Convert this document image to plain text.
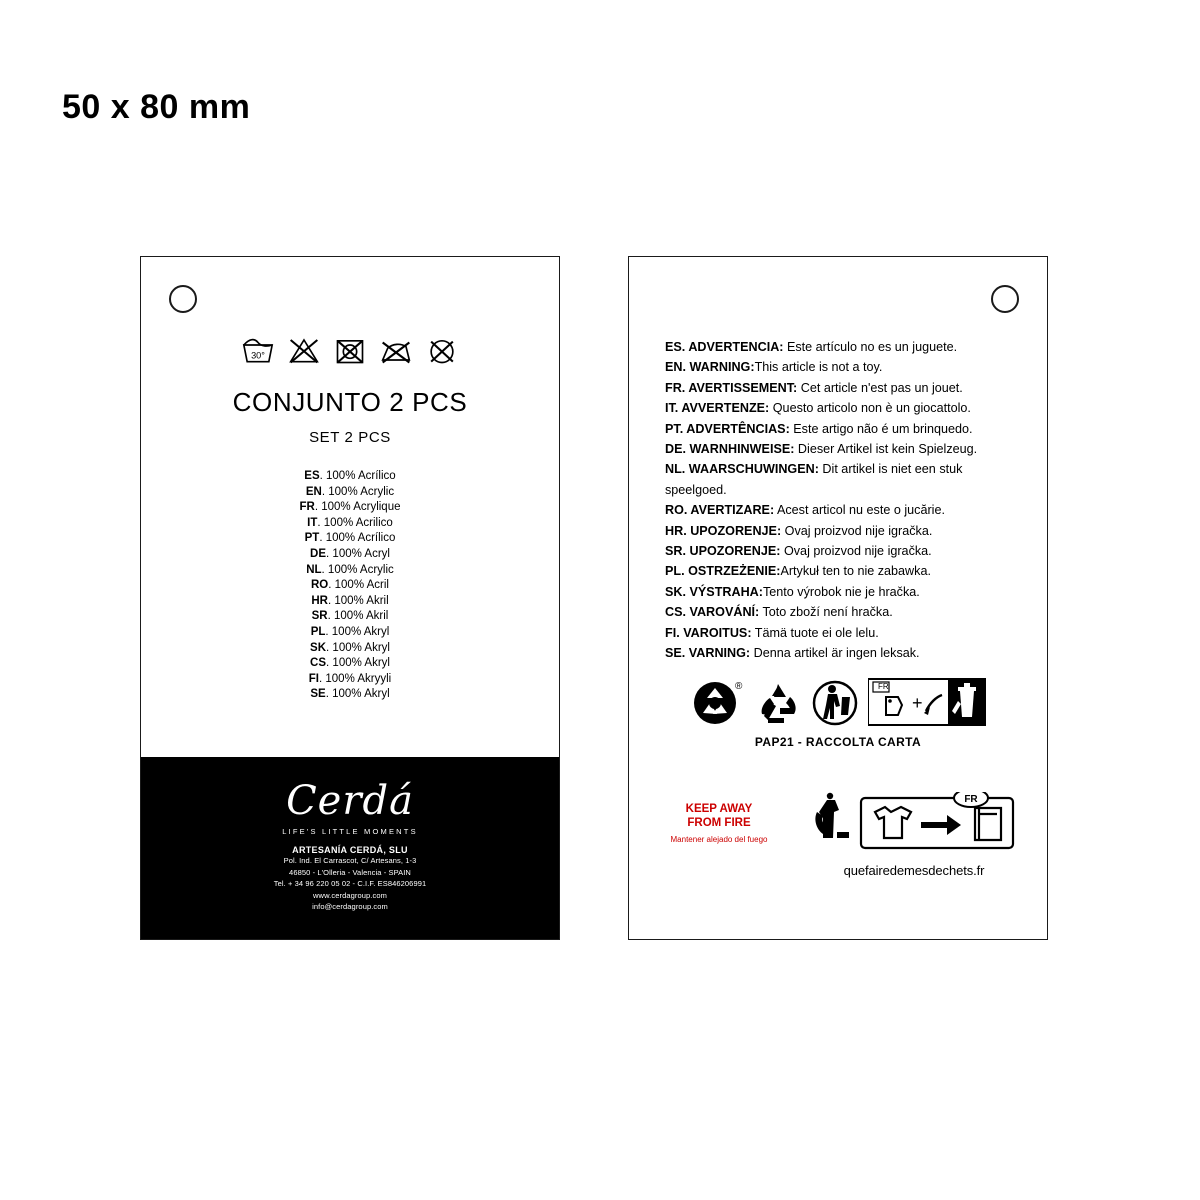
50 x 80 mm
30°
CONJUNTO 2 PCS
SET 2 PCS
ES. 100% Acrílico
EN. 100% Acrylic
FR. 100% Acrylique
IT. 100% Acrilico
PT. 100% Acrílico
DE. 100% Acryl
NL. 100% Acrylic
RO. 100% Acril
HR. 100% Akril
SR. 100% Akril
PL. 100% Akryl
SK. 100% Akryl
CS. 100% Akryl
FI. 100% Akryyli
SE. 100% Akryl
Cerdá
LIFE'S LITTLE MOMENTS
ARTESANÍA CERDÁ, SLU
Pol. Ind. El Carrascot, C/ Artesans, 1-3
46850 - L'Olleria - Valencia - SPAIN
Tel. + 34 96 220 05 02 - C.I.F. ES846206991
www.cerdagroup.com
info@cerdagroup.com
ES. ADVERTENCIA: Este artículo no es un juguete.
EN. WARNING:This article is not a toy.
FR. AVERTISSEMENT: Cet article n'est pas un jouet.
IT. AVVERTENZE: Questo articolo non è un giocattolo.
PT. ADVERTÊNCIAS: Este artigo não é um brinquedo.
DE. WARNHINWEISE: Dieser Artikel ist kein Spielzeug.
NL. WAARSCHUWINGEN: Dit artikel is niet een stuk speelgoed.
RO. AVERTIZARE: Acest articol nu este o jucărie.
HR. UPOZORENJE: Ovaj proizvod nije igračka.
SR. UPOZORENJE: Ovaj proizvod nije igračka.
PL. OSTRZEŻENIE:Artykuł ten to nie zabawka.
SK. VÝSTRAHA:Tento výrobok nie je hračka.
CS. VAROVÁNÍ: Toto zboží není hračka.
FI. VAROITUS: Tämä tuote ei ole lelu.
SE. VARNING: Denna artikel är ingen leksak.
®	FR
+
PAP21 - RACCOLTA CARTA
KEEP AWAY
FROM FIRE
Mantener alejado del fuego
FR
quefairedemesdechets.fr
